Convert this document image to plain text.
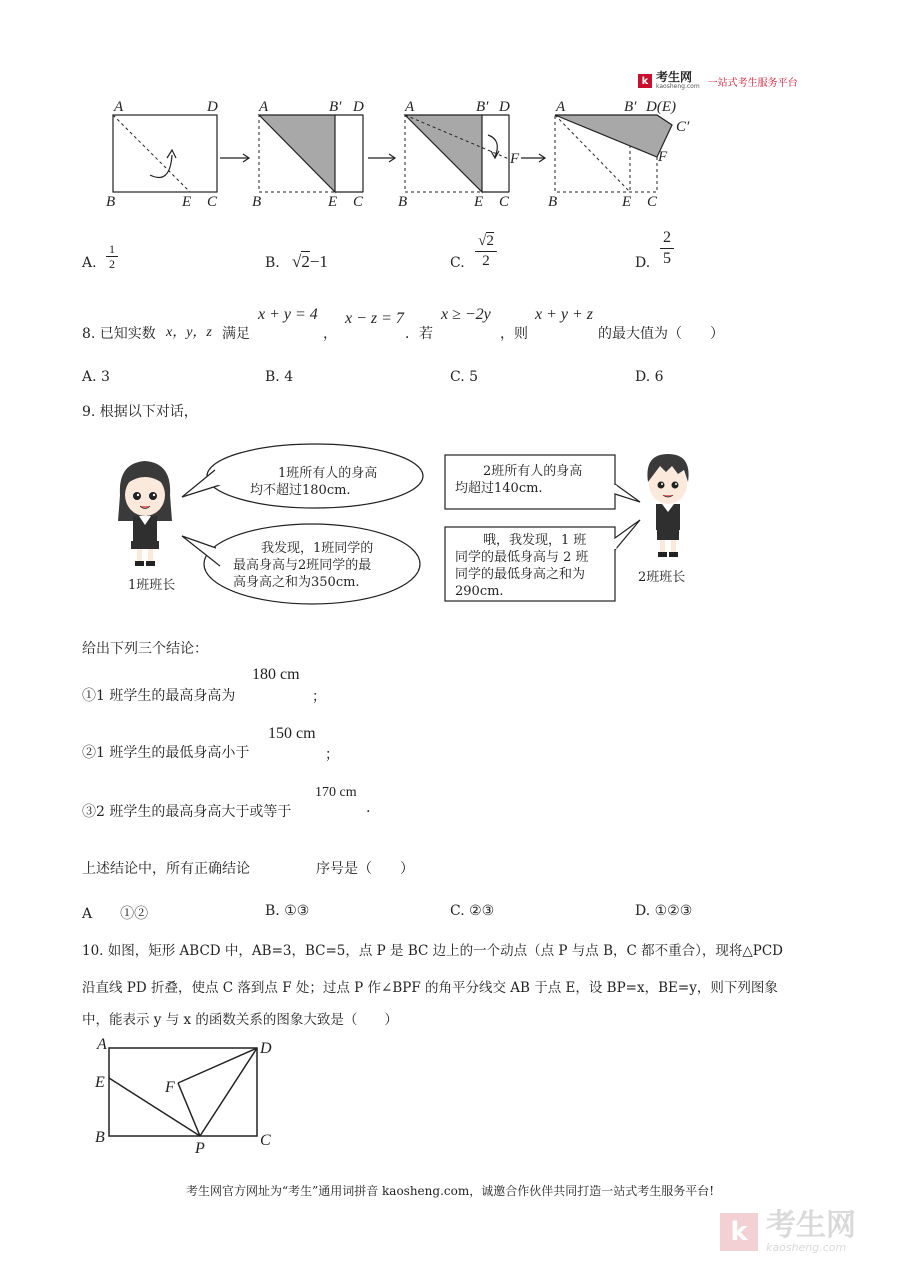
k 考生网
kaosheng.com 一站式考生服务平台
A	D
B	E C
A	B′ D
B	E C
A	B′ D
F
B	E C
A	B′ D(E)
C′
F
B	E C
A. $\frac{1}{2}$	B. √2−1	C.
√2
2	D. $\frac{2}{5}$
8. 已知实数 x，y，z 满足
x + y = 4
，
x − z = 7
．若
x ≥ −2y
，则
x + y + z
的最大值为（　　）
A. 3	B. 4	C. 5	D. 6
9. 根据以下对话，
1班所有人的身高
均不超过180cm.
我发现，1班同学的
最高身高与2班同学的最
高身高之和为350cm.
1班班长
2班所有人的身高
均超过140cm.
哦，我发现，1 班
同学的最低身高与 2 班
同学的最低身高之和为
290cm.
2班班长
给出下列三个结论：
①1 班学生的最高身高为
180 cm
；
②1 班学生的最低身高小于
150 cm
；
③2 班学生的最高身高大于或等于
170 cm
.
上述结论中，所有正确结论	序号是（　　）
A　　①②	B. ①③	C. ②③	D. ①②③
10. 如图，矩形 ABCD 中，AB=3，BC=5，点 P 是 BC 边上的一个动点（点 P 与点 B，C 都不重合），现将△PCD
沿直线 PD 折叠，使点 C 落到点 F 处；过点 P 作∠BPF 的角平分线交 AB 于点 E，设 BP=x，BE=y，则下列图象
中，能表示 y 与 x 的函数关系的图象大致是（　　）
A	D
E	F
B
P	C
考生网官方网址为“考生”通用词拼音 kaosheng.com，诚邀合作伙伴共同打造一站式考生服务平台!
k 考生网
kaosheng.com
